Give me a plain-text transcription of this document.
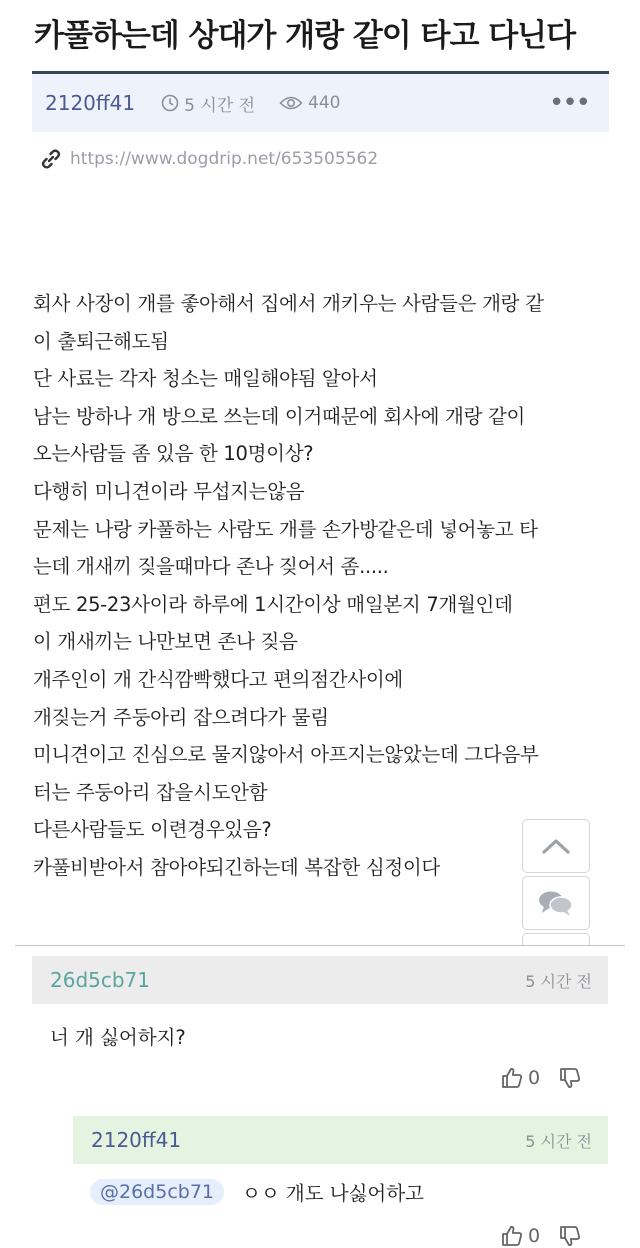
카풀하는데 상대가 개랑 같이 타고 다닌다
2120ff41	5 시간 전	440	•••
https://www.dogdrip.net/653505562
회사 사장이 개를 좋아해서 집에서 개키우는 사람들은 개랑 같
이 출퇴근해도됨
단 사료는 각자 청소는 매일해야됨 알아서
남는 방하나 개 방으로 쓰는데 이거때문에 회사에 개랑 같이
오는사람들 좀 있음 한 10명이상?
다행히 미니견이라 무섭지는않음
문제는 나랑 카풀하는 사람도 개를 손가방같은데 넣어놓고 타
는데 개새끼 짖을때마다 존나 짖어서 좀.....
편도 25-23사이라 하루에 1시간이상 매일본지 7개월인데
이 개새끼는 나만보면 존나 짖음
개주인이 개 간식깜빡했다고 편의점간사이에
개짖는거 주둥아리 잡으려다가 물림
미니견이고 진심으로 물지않아서 아프지는않았는데 그다음부
터는 주둥아리 잡을시도안함
다른사람들도 이련경우있음?
카풀비받아서 참아야되긴하는데 복잡한 심정이다
26d5cb71	5 시간 전
너 개 싫어하지?
0
2120ff41	5 시간 전
@26d5cb71	ㅇㅇ 개도 나싫어하고
0
